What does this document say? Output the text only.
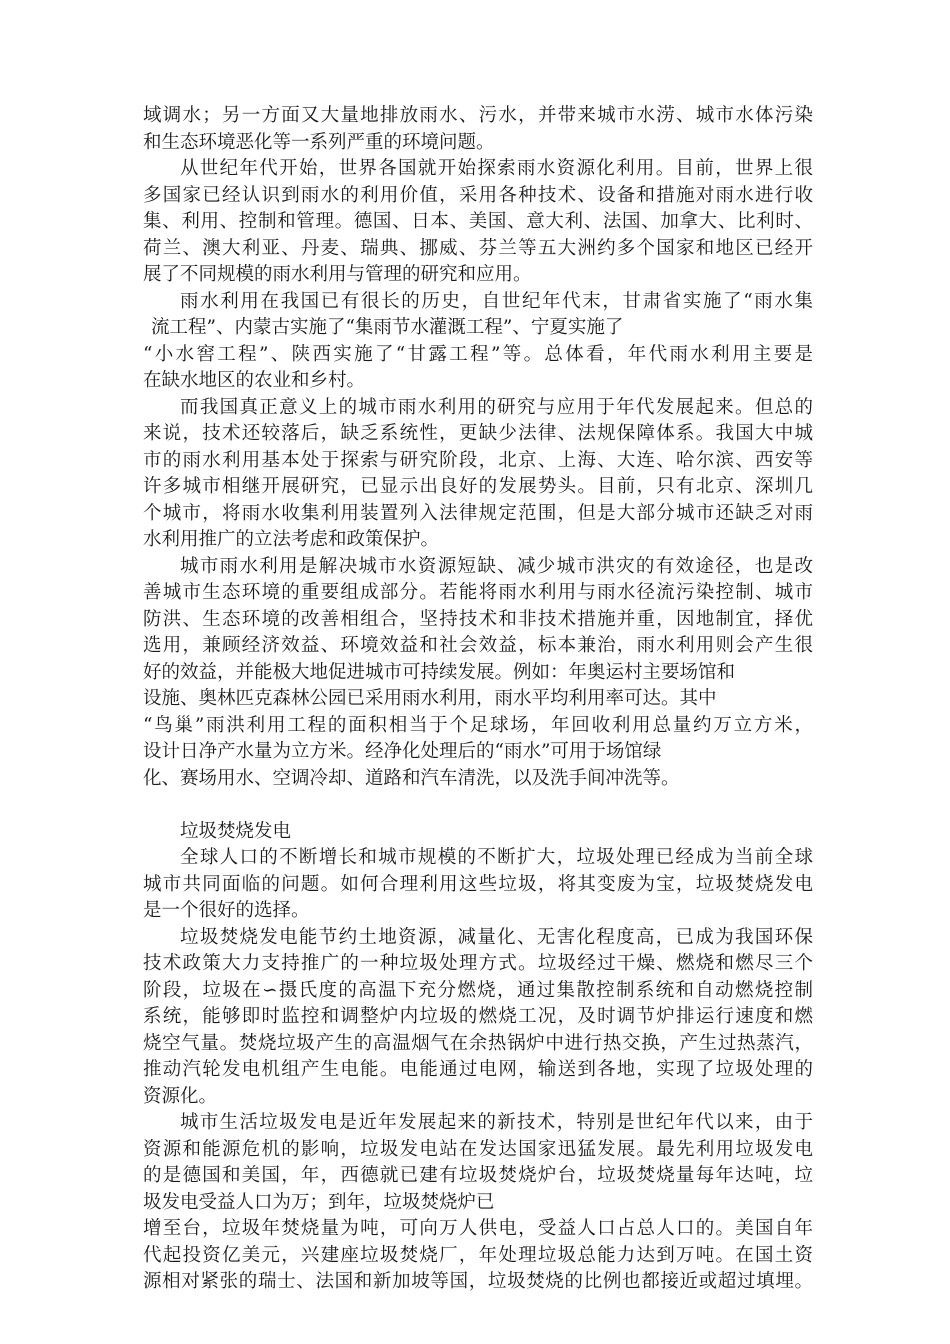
域调水；另一方面又大量地排放雨水、污水，并带来城市水涝、城市水体污染
和生态环境恶化等一系列严重的环境问题。
从世纪年代开始，世界各国就开始探索雨水资源化利用。目前，世界上很
多国家已经认识到雨水的利用价值，采用各种技术、设备和措施对雨水进行收
集、利用、控制和管理。德国、日本、美国、意大利、法国、加拿大、比利时、
荷兰、澳大利亚、丹麦、瑞典、挪威、芬兰等五大洲约多个国家和地区已经开
展了不同规模的雨水利用与管理的研究和应用。
雨水利用在我国已有很长的历史，自世纪年代末，甘肃省实施了“雨水集
流工程”、内蒙古实施了“集雨节水灌溉工程”、宁夏实施了
“小水窖工程”、陕西实施了“甘露工程”等。总体看，年代雨水利用主要是
在缺水地区的农业和乡村。
而我国真正意义上的城市雨水利用的研究与应用于年代发展起来。但总的
来说，技术还较落后，缺乏系统性，更缺少法律、法规保障体系。我国大中城
市的雨水利用基本处于探索与研究阶段，北京、上海、大连、哈尔滨、西安等
许多城市相继开展研究，已显示出良好的发展势头。目前，只有北京、深圳几
个城市，将雨水收集利用装置列入法律规定范围，但是大部分城市还缺乏对雨
水利用推广的立法考虑和政策保护。
城市雨水利用是解决城市水资源短缺、减少城市洪灾的有效途径，也是改
善城市生态环境的重要组成部分。若能将雨水利用与雨水径流污染控制、城市
防洪、生态环境的改善相组合，坚持技术和非技术措施并重，因地制宜，择优
选用，兼顾经济效益、环境效益和社会效益，标本兼治，雨水利用则会产生很
好的效益，并能极大地促进城市可持续发展。例如：年奥运村主要场馆和
设施、奥林匹克森林公园已采用雨水利用，雨水平均利用率可达。其中
“鸟巢”雨洪利用工程的面积相当于个足球场，年回收利用总量约万立方米，
设计日净产水量为立方米。经净化处理后的“雨水”可用于场馆绿
化、赛场用水、空调冷却、道路和汽车清洗，以及洗手间冲洗等。
垃圾焚烧发电
全球人口的不断增长和城市规模的不断扩大，垃圾处理已经成为当前全球
城市共同面临的问题。如何合理利用这些垃圾，将其变废为宝，垃圾焚烧发电
是一个很好的选择。
垃圾焚烧发电能节约土地资源，减量化、无害化程度高，已成为我国环保
技术政策大力支持推广的一种垃圾处理方式。垃圾经过干燥、燃烧和燃尽三个
阶段，垃圾在∽摄氏度的高温下充分燃烧，通过集散控制系统和自动燃烧控制
系统，能够即时监控和调整炉内垃圾的燃烧工况，及时调节炉排运行速度和燃
烧空气量。焚烧垃圾产生的高温烟气在余热锅炉中进行热交换，产生过热蒸汽，
推动汽轮发电机组产生电能。电能通过电网，输送到各地，实现了垃圾处理的
资源化。
城市生活垃圾发电是近年发展起来的新技术，特别是世纪年代以来，由于
资源和能源危机的影响，垃圾发电站在发达国家迅猛发展。最先利用垃圾发电
的是德国和美国，年，西德就已建有垃圾焚烧炉台，垃圾焚烧量每年达吨，垃
圾发电受益人口为万；到年，垃圾焚烧炉已
增至台，垃圾年焚烧量为吨，可向万人供电，受益人口占总人口的。美国自年
代起投资亿美元，兴建座垃圾焚烧厂，年处理垃圾总能力达到万吨。在国土资
源相对紧张的瑞士、法国和新加坡等国，垃圾焚烧的比例也都接近或超过填埋。
